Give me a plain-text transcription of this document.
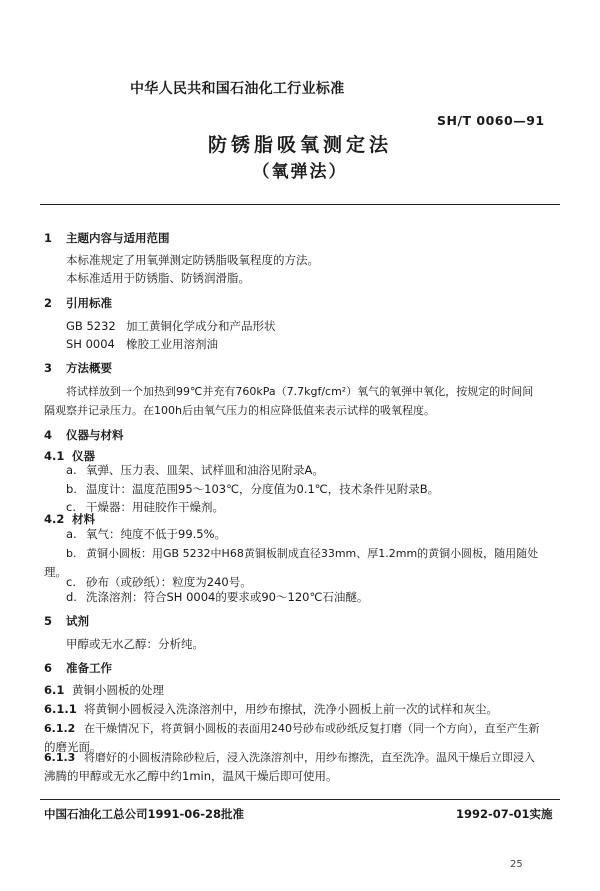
中华人民共和国石油化工行业标准
SH/T 0060—91
防锈脂吸氧测定法
（氧弹法）
1 主题内容与适用范围
本标准规定了用氧弹测定防锈脂吸氧程度的方法。
本标准适用于防锈脂、防锈润滑脂。
2 引用标准
GB 5232 加工黄铜化学成分和产品形状
SH 0004 橡胶工业用溶剂油
3 方法概要
将试样放到一个加热到99℃并充有760kPa（7.7kgf/cm²）氧气的氧弹中氧化，按规定的时间间
隔观察并记录压力。在100h后由氧气压力的相应降低值来表示试样的吸氧程度。
4 仪器与材料
4.1 仪器
a. 氧弹、压力表、皿架、试样皿和油浴见附录A。
b. 温度计：温度范围95～103℃，分度值为0.1℃，技术条件见附录B。
c. 干燥器：用硅胶作干燥剂。
4.2 材料
a. 氧气：纯度不低于99.5%。
b. 黄铜小圆板：用GB 5232中H68黄铜板制成直径33mm、厚1.2mm的黄铜小圆板，随用随处
理。
c. 砂布（或砂纸）：粒度为240号。
d. 洗涤溶剂：符合SH 0004的要求或90～120℃石油醚。
5 试剂
甲醇或无水乙醇：分析纯。
6 准备工作
6.1 黄铜小圆板的处理
6.1.1 将黄铜小圆板浸入洗涤溶剂中，用纱布擦拭，洗净小圆板上前一次的试样和灰尘。
6.1.2 在干燥情况下，将黄铜小圆板的表面用240号砂布或砂纸反复打磨（同一个方向），直至产生新
的磨光面。
6.1.3 将磨好的小圆板清除砂粒后，浸入洗涤溶剂中，用纱布擦洗，直至洗净。温风干燥后立即浸入
沸腾的甲醇或无水乙醇中约1min，温风干燥后即可使用。
中国石油化工总公司1991-06-28批准	1992-07-01实施
25
